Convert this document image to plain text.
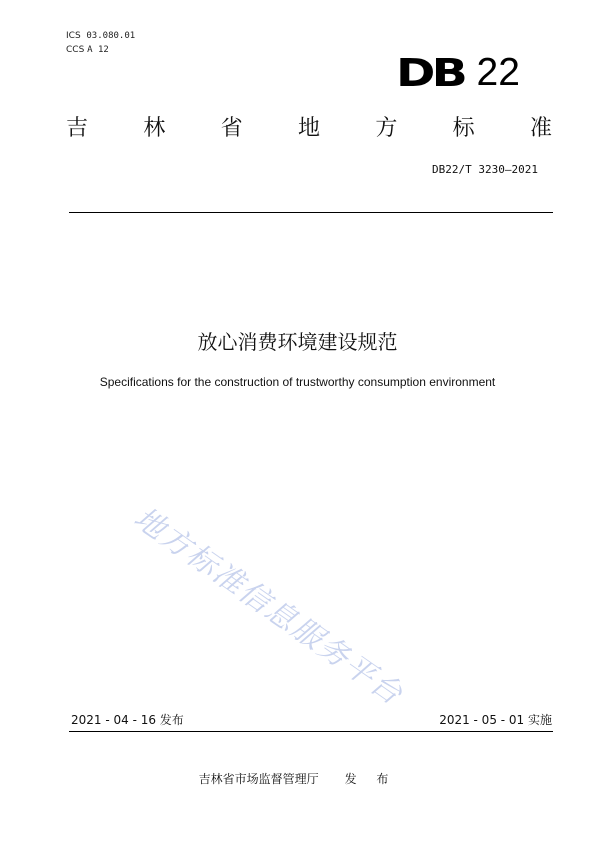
ICS 03.080.01
CCS A 12
DB 22
吉	林	省	地	方	标	准
DB22/T 3230—2021
放心消费环境建设规范
Specifications for the construction of trustworthy consumption environment
地方标准信息服务平台
2021 - 04 - 16 发布	2021 - 05 - 01 实施
吉林省市场监督管理厅 发 布
